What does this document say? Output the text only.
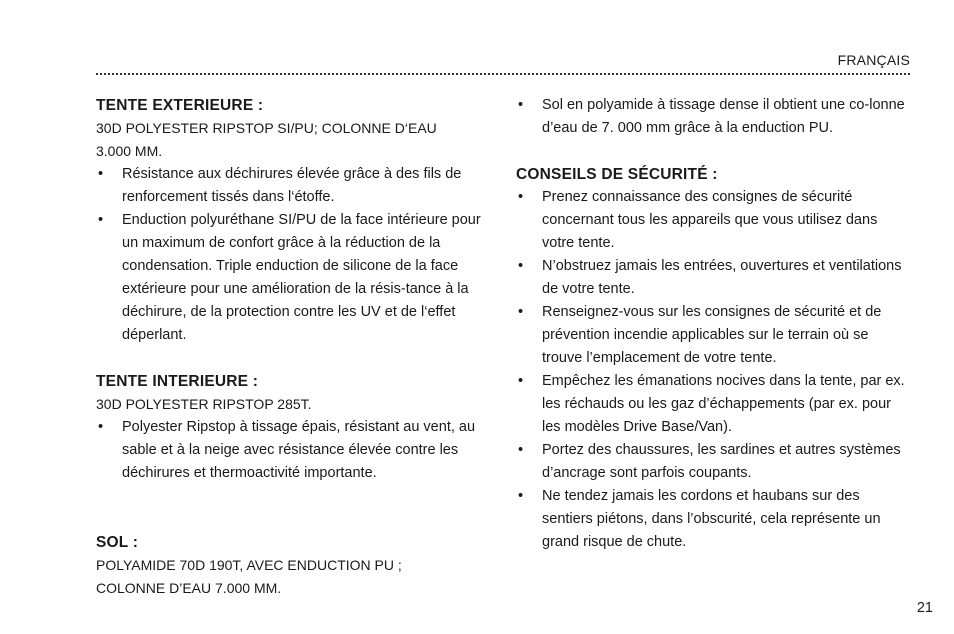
FRANÇAIS
TENTE EXTERIEURE :
30D POLYESTER RIPSTOP SI/PU; COLONNE D‘EAU
3.000 MM.
• Résistance aux déchirures élevée grâce à des fils de renforcement tissés dans l‘étoffe.
• Enduction polyuréthane SI/PU de la face intérieure pour un maximum de confort grâce à la réduction de la condensation. Triple enduction de silicone de la face extérieure pour une amélioration de la résis-tance à la déchirure, de la protection contre les UV et de l‘effet déperlant.
TENTE INTERIEURE :
30D POLYESTER RIPSTOP 285T.
• Polyester Ripstop à tissage épais, résistant au vent, au sable et à la neige avec résistance élevée contre les déchirures et thermoactivité importante.
SOL :
POLYAMIDE 70D 190T, AVEC ENDUCTION PU ;
COLONNE D’EAU 7.000 MM.
• Sol en polyamide à tissage dense il obtient une co-lonne d’eau de 7. 000 mm grâce à la enduction PU.
CONSEILS DE SÉCURITÉ :
• Prenez connaissance des consignes de sécurité concernant tous les appareils que vous utilisez dans votre tente.
• N’obstruez jamais les entrées, ouvertures et ventilations de votre tente.
• Renseignez-vous sur les consignes de sécurité et de prévention incendie applicables sur le terrain où se trouve l’emplacement de votre tente.
• Empêchez les émanations nocives dans la tente, par ex. les réchauds ou les gaz d’échappements (par ex. pour les modèles Drive Base/Van).
• Portez des chaussures, les sardines et autres systèmes d’ancrage sont parfois coupants.
• Ne tendez jamais les cordons et haubans sur des sentiers piétons, dans l’obscurité, cela représente un grand risque de chute.
21
